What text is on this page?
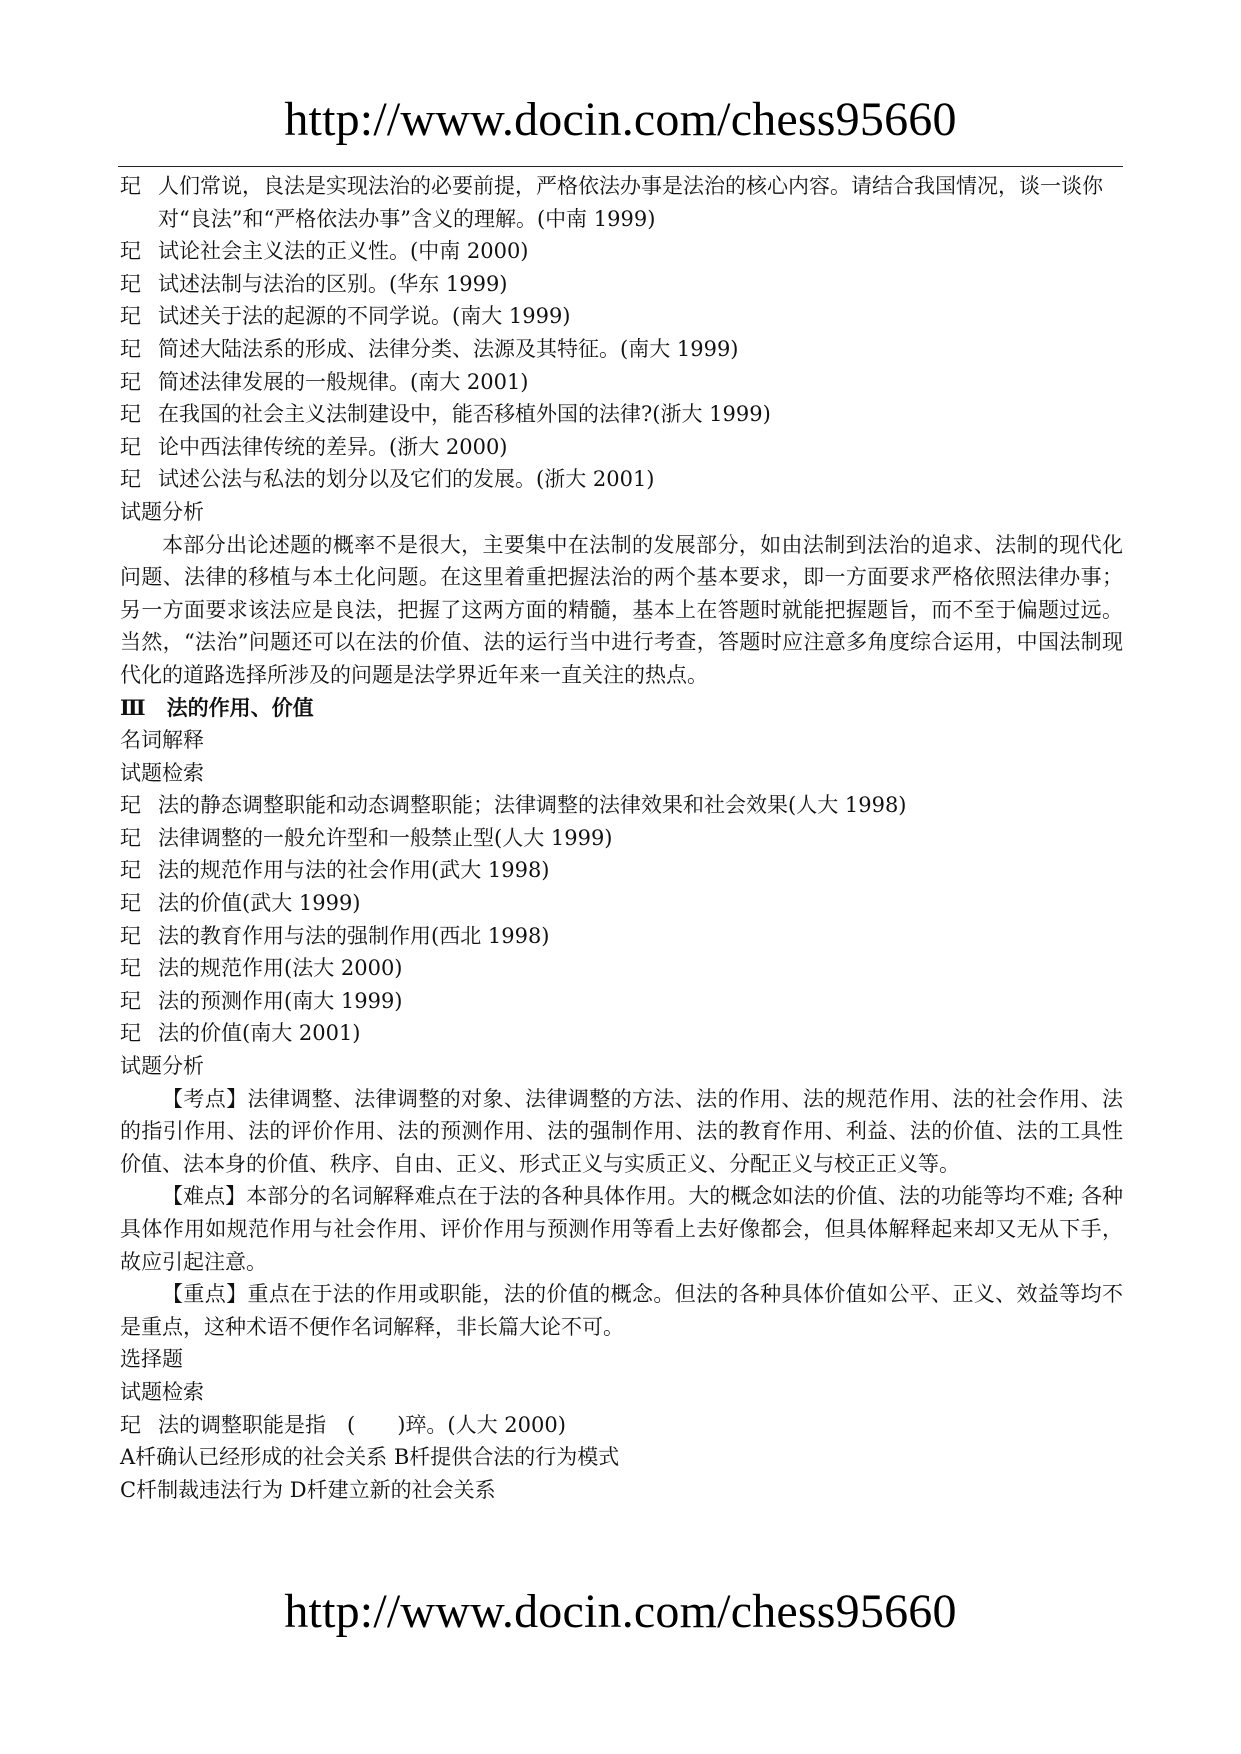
http://www.docin.com/chess95660
玘 人们常说，良法是实现法治的必要前提，严格依法办事是法治的核心内容。请结合我国情况，谈一谈你对“良法”和“严格依法办事”含义的理解。(中南 1999)
玘 试论社会主义法的正义性。(中南 2000)
玘 试述法制与法治的区别。(华东 1999)
玘 试述关于法的起源的不同学说。(南大 1999)
玘 简述大陆法系的形成、法律分类、法源及其特征。(南大 1999)
玘 简述法律发展的一般规律。(南大 2001)
玘 在我国的社会主义法制建设中，能否移植外国的法律?(浙大 1999)
玘 论中西法律传统的差异。(浙大 2000)
玘 试述公法与私法的划分以及它们的发展。(浙大 2001)

试题分析

本部分出论述题的概率不是很大，主要集中在法制的发展部分，如由法制到法治的追求、法制的现代化问题、法律的移植与本土化问题。在这里着重把握法治的两个基本要求，即一方面要求严格依照法律办事；另一方面要求该法应是良法，把握了这两方面的精髓，基本上在答题时就能把握题旨，而不至于偏题过远。当然，“法治”问题还可以在法的价值、法的运行当中进行考查，答题时应注意多角度综合运用，中国法制现代化的道路选择所涉及的问题是法学界近年来一直关注的热点。

Ⅲ　法的作用、价值

名词解释

试题检索

玘 法的静态调整职能和动态调整职能；法律调整的法律效果和社会效果(人大 1998)
玘 法律调整的一般允许型和一般禁止型(人大 1999)
玘 法的规范作用与法的社会作用(武大 1998)
玘 法的价值(武大 1999)
玘 法的教育作用与法的强制作用(西北 1998)
玘 法的规范作用(法大 2000)
玘 法的预测作用(南大 1999)
玘 法的价值(南大 2001)

试题分析

【考点】法律调整、法律调整的对象、法律调整的方法、法的作用、法的规范作用、法的社会作用、法的指引作用、法的评价作用、法的预测作用、法的强制作用、法的教育作用、利益、法的价值、法的工具性价值、法本身的价值、秩序、自由、正义、形式正义与实质正义、分配正义与校正正义等。

【难点】本部分的名词解释难点在于法的各种具体作用。大的概念如法的价值、法的功能等均不难; 各种具体作用如规范作用与社会作用、评价作用与预测作用等看上去好像都会，但具体解释起来却又无从下手，故应引起注意。

【重点】重点在于法的作用或职能，法的价值的概念。但法的各种具体价值如公平、正义、效益等均不是重点，这种术语不便作名词解释，非长篇大论不可。

选择题

试题检索

玘 法的调整职能是指　(　　)琗。(人大 2000)

A杄确认已经形成的社会关系 B杄提供合法的行为模式

C杄制裁违法行为 D杄建立新的社会关系

http://www.docin.com/chess95660
